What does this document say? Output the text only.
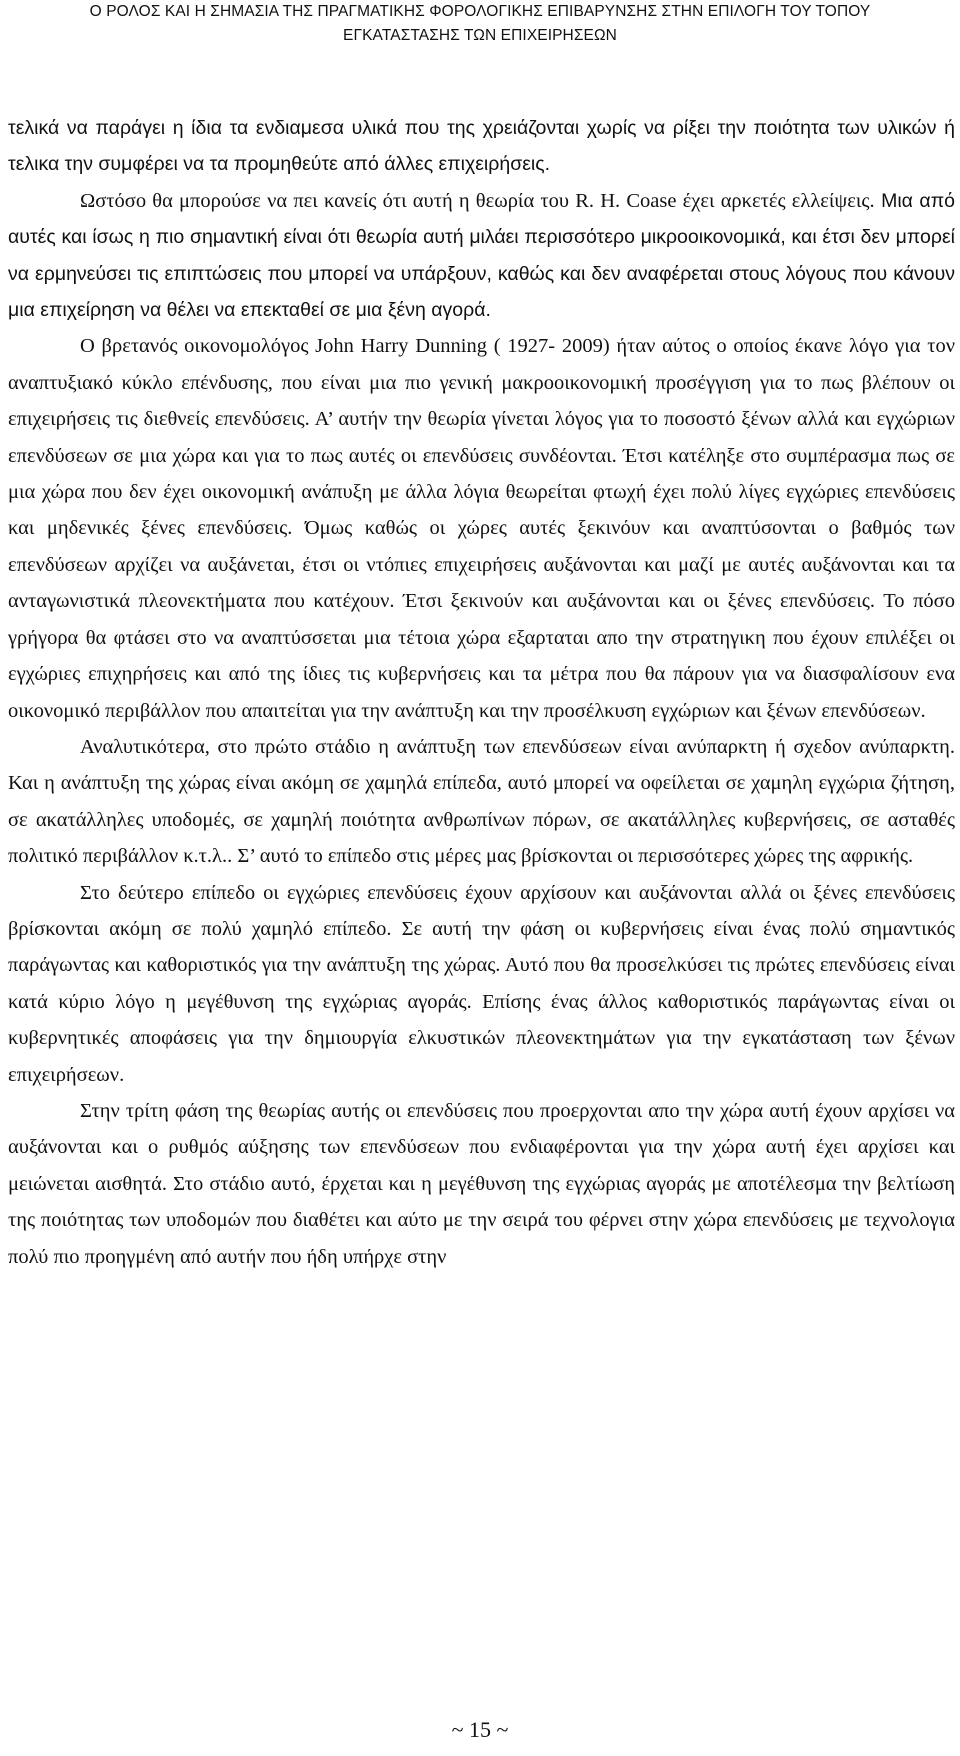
Ο ΡΟΛΟΣ ΚΑΙ Η ΣΗΜΑΣΙΑ ΤΗΣ ΠΡΑΓΜΑΤΙΚΗΣ ΦΟΡΟΛΟΓΙΚΗΣ ΕΠΙΒΑΡΥΝΣΗΣ ΣΤΗΝ ΕΠΙΛΟΓΗ ΤΟΥ ΤΟΠΟΥ
ΕΓΚΑΤΑΣΤΑΣΗΣ ΤΩΝ ΕΠΙΧΕΙΡΗΣΕΩΝ

τελικά να παράγει η ίδια τα ενδιαμεσα υλικά που της χρειάζονται χωρίς να ρίξει την ποιότητα των υλικών ή τελικα την συμφέρει να τα προμηθεύτε από άλλες επιχειρήσεις.

Ωστόσο θα μπορούσε να πει κανείς ότι αυτή η θεωρία του R. H. Coase έχει αρκετές ελλείψεις. Μια από αυτές και ίσως η πιο σημαντική είναι ότι θεωρία αυτή μιλάει περισσότερο μικροοικονομικά, και έτσι δεν μπορεί να ερμηνεύσει τις επιπτώσεις που μπορεί να υπάρξουν, καθώς και δεν αναφέρεται στους λόγους που κάνουν μια επιχείρηση να θέλει να επεκταθεί σε μια ξένη αγορά.

Ο βρετανός οικονομολόγος John Harry Dunning ( 1927- 2009) ήταν αύτος ο οποίος έκανε λόγο για τον αναπτυξιακό κύκλο επένδυσης, που είναι μια πιο γενική μακροοικονομική προσέγγιση για το πως βλέπουν οι επιχειρήσεις τις διεθνείς επενδύσεις. Α’ αυτήν την θεωρία γίνεται λόγος για το ποσοστό ξένων αλλά και εγχώριων επενδύσεων σε μια χώρα και για το πως αυτές οι επενδύσεις συνδέονται. Έτσι κατέληξε στο συμπέρασμα πως σε μια χώρα που δεν έχει οικονομική ανάπυξη με άλλα λόγια θεωρείται φτωχή έχει πολύ λίγες εγχώριες επενδύσεις και μηδενικές ξένες επενδύσεις. Όμως καθώς οι χώρες αυτές ξεκινόυν και αναπτύσονται ο βαθμός των επενδύσεων αρχίζει να αυξάνεται, έτσι οι ντόπιες επιχειρήσεις αυξάνονται και μαζί με αυτές αυξάνονται και τα ανταγωνιστικά πλεονεκτήματα που κατέχουν. Έτσι ξεκινούν και αυξάνονται και οι ξένες επενδύσεις. Το πόσο γρήγορα θα φτάσει στο να αναπτύσσεται μια τέτοια χώρα εξαρταται απο την στρατηγικη που έχουν επιλέξει οι εγχώριες επιχηρήσεις και από της ίδιες τις κυβερνήσεις και τα μέτρα που θα πάρουν για να διασφαλίσουν ενα οικονομικό περιβάλλον που απαιτείται για την ανάπτυξη και την προσέλκυση εγχώριων και ξένων επενδύσεων.

Αναλυτικότερα, στο πρώτο στάδιο η ανάπτυξη των επενδύσεων είναι ανύπαρκτη ή σχεδον ανύπαρκτη. Και η ανάπτυξη της χώρας είναι ακόμη σε χαμηλά επίπεδα, αυτό μπορεί να οφείλεται σε χαμηλη εγχώρια ζήτηση, σε ακατάλληλες υποδομές, σε χαμηλή ποιότητα ανθρωπίνων πόρων, σε ακατάλληλες κυβερνήσεις, σε ασταθές πολιτικό περιβάλλον κ.τ.λ.. Σ’ αυτό το επίπεδο στις μέρες μας βρίσκονται οι περισσότερες χώρες της αφρικής.

Στο δεύτερο επίπεδο οι εγχώριες επενδύσεις έχουν αρχίσουν και αυξάνονται αλλά οι ξένες επενδύσεις βρίσκονται ακόμη σε πολύ χαμηλό επίπεδο. Σε αυτή την φάση οι κυβερνήσεις είναι ένας πολύ σημαντικός παράγωντας και καθοριστικός για την ανάπτυξη της χώρας. Αυτό που θα προσελκύσει τις πρώτες επενδύσεις είναι κατά κύριο λόγο η μεγέθυνση της εγχώριας αγοράς. Επίσης ένας άλλος καθοριστικός παράγωντας είναι οι κυβερνητικές αποφάσεις για την δημιουργία ελκυστικών πλεονεκτημάτων για την εγκατάσταση των ξένων επιχειρήσεων.

Στην τρίτη φάση της θεωρίας αυτής οι επενδύσεις που προερχονται απο την χώρα αυτή έχουν αρχίσει να αυξάνονται και ο ρυθμός αύξησης των επενδύσεων που ενδιαφέρονται για την χώρα αυτή έχει αρχίσει και μειώνεται αισθητά. Στο στάδιο αυτό, έρχεται και η μεγέθυνση της εγχώριας αγοράς με αποτέλεσμα την βελτίωση της ποιότητας των υποδομών που διαθέτει και αύτο με την σειρά του φέρνει στην χώρα επενδύσεις με τεχνολογια πολύ πιο προηγμένη από αυτήν που ήδη υπήρχε στην

~ 15 ~
